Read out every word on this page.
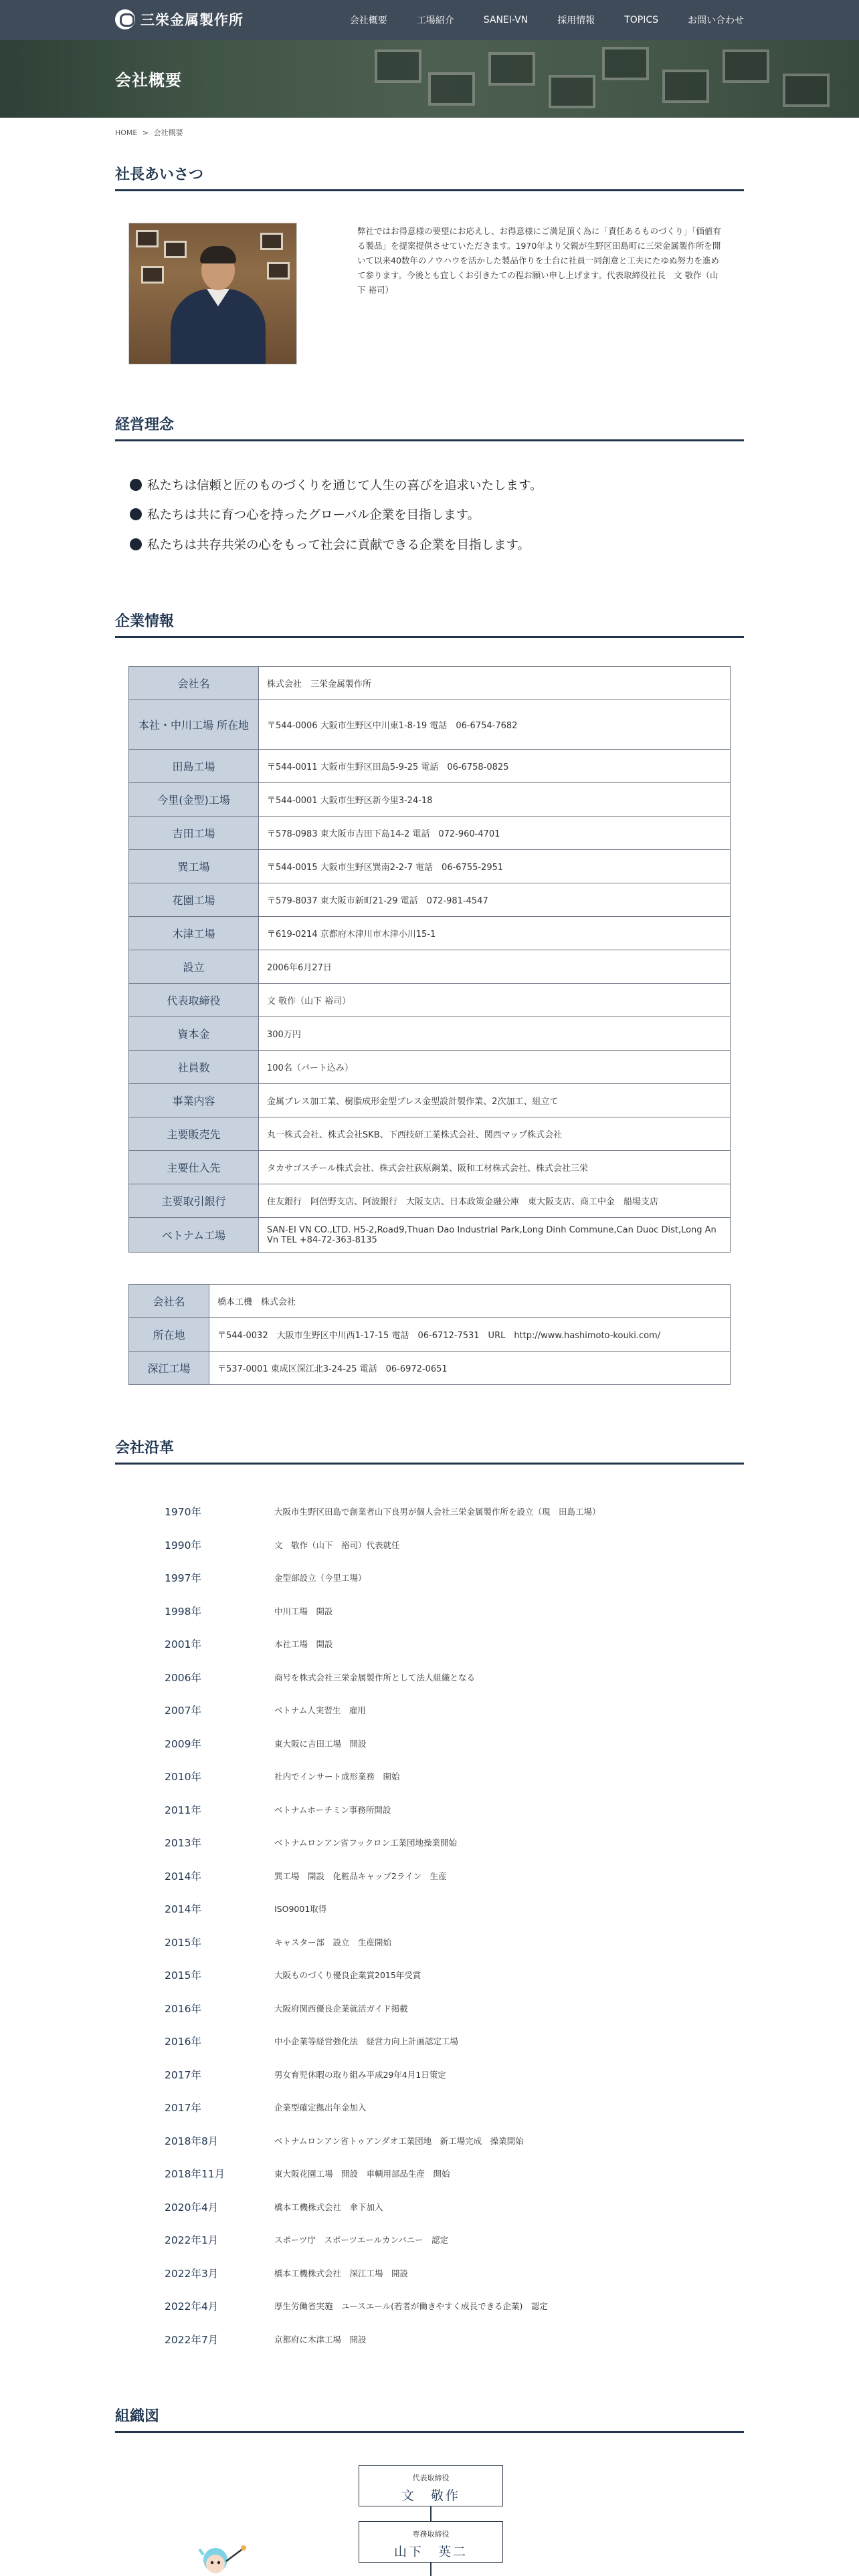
三栄金属製作所	会社概要	工場紹介	SANEI-VN	採用情報	TOPICS	お問い合わせ
会社概要
HOME > 会社概要
社長あいさつ

弊社ではお得意様の要望にお応えし、お得意様にご満足頂く為に「責任あるものづくり」「価値有る製品」を提案提供させていただきます。1970年より父親が生野区田島町に三栄金属製作所を開いて以来40数年のノウハウを活かした製品作りを土台に社員一同創意と工夫にたゆぬ努力を進めて参ります。今後とも宜しくお引きたての程お願い申し上げます。代表取締役社長　文 敬作（山下 裕司）

経営理念
私たちは信頼と匠のものづくりを通じて人生の喜びを追求いたします。
私たちは共に育つ心を持ったグローバル企業を目指します。
私たちは共存共栄の心をもって社会に貢献できる企業を目指します。
企業情報
会社名	株式会社　三栄金属製作所
本社・中川工場 所在地	〒544-0006 大阪市生野区中川東1-8-19 電話　06-6754-7682
田島工場	〒544-0011 大阪市生野区田島5-9-25 電話　06-6758-0825
今里(金型)工場	〒544-0001 大阪市生野区新今里3-24-18
吉田工場	〒578-0983 東大阪市吉田下島14-2 電話　072-960-4701
巽工場	〒544-0015 大阪市生野区巽南2-2-7 電話　06-6755-2951
花園工場	〒579-8037 東大阪市新町21-29 電話　072-981-4547
木津工場	〒619-0214 京都府木津川市木津小川15-1
設立	2006年6月27日
代表取締役	文 敬作（山下 裕司）
資本金	300万円
社員数	100名（パート込み）
事業内容	金属プレス加工業、樹脂成形金型プレス金型設計製作業、2次加工、組立て
主要販売先	丸一株式会社、株式会社SKB、下西技研工業株式会社、関西マップ株式会社
主要仕入先	タカサゴスチール株式会社、株式会社荻原鋼業、阪和工材株式会社、株式会社三栄
主要取引銀行	住友銀行　阿倍野支店、阿波銀行　大阪支店、日本政策金融公庫　東大阪支店、商工中金　船場支店
ベトナム工場	SAN-EI VN CO.,LTD. H5-2,Road9,Thuan Dao Industrial Park,Long Dinh Commune,Can Duoc Dist,Long An Vn TEL +84-72-363-8135
会社名	橋本工機　株式会社
所在地	〒544-0032　大阪市生野区中川西1-17-15 電話　06-6712-7531　URL　http://www.hashimoto-kouki.com/
深江工場	〒537-0001 東成区深江北3-24-25 電話　06-6972-0651
会社沿革
1970年	大阪市生野区田島で創業者山下良男が個人会社三栄金属製作所を設立（現　田島工場）
1990年	文　敬作（山下　裕司）代表就任
1997年	金型部設立（今里工場）
1998年	中川工場　開設
2001年	本社工場　開設
2006年	商号を株式会社三栄金属製作所として法人組織となる
2007年	ベトナム人実習生　雇用
2009年	東大阪に吉田工場　開設
2010年	社内でインサート成形業務　開始
2011年	ベトナムホーチミン事務所開設
2013年	ベトナムロンアン省フックロン工業団地操業開始
2014年	巽工場　開設　化粧品キャップ2ライン　生産
2014年	ISO9001取得
2015年	キャスター部　設立　生産開始
2015年	大阪ものづくり優良企業賞2015年受賞
2016年	大阪府関西優良企業就活ガイド掲載
2016年	中小企業等経営強化法　経営力向上計画認定工場
2017年	男女育児休暇の取り組み平成29年4月1日策定
2017年	企業型確定拠出年金加入
2018年8月	ベトナムロンアン省トゥアンダオ工業団地　新工場完成　操業開始
2018年11月	東大阪花園工場　開設　車輌用部品生産　開始
2020年4月	橋本工機株式会社　傘下加入
2022年1月	スポーツ庁　スポーツエールカンパニー　認定
2022年3月	橋本工機株式会社　深江工場　開設
2022年4月	厚生労働省実施　ユースエール(若者が働きやすく成長できる企業)　認定
2022年7月	京都府に木津工場　開設
組織図
代表取締役
文　敬作
専務取締役
山下　英二
